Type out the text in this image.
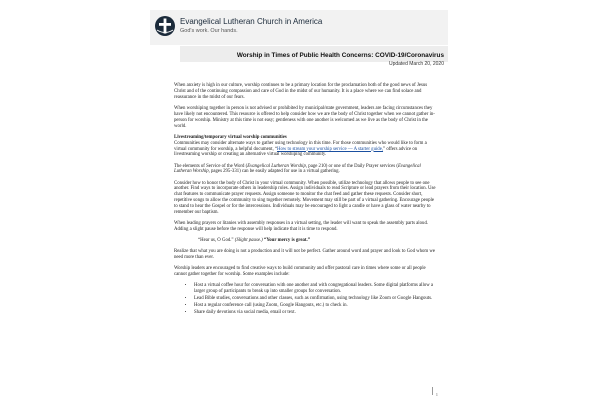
Evangelical Lutheran Church in America
God's work. Our hands.
Worship in Times of Public Health Concerns: COVID-19/Coronavirus
Updated March 20, 2020

When anxiety is high in our culture, worship continues to be a primary location for the proclamation both of the good news of Jesus Christ and of the continuing compassion and care of God in the midst of our humanity. It is a place where we can find solace and reassurance in the midst of our fears.

When worshiping together in person is not advised or prohibited by municipal/state government, leaders are facing circumstances they have likely not encountered. This resource is offered to help consider how we are the body of Christ together when we cannot gather in-person for worship. Ministry at this time is not easy; gentleness with one another is welcomed as we live as the body of Christ in the world.

Livestreaming/temporary virtual worship communities

Communities may consider alternate ways to gather using technology in this time. For those communities who would like to form a virtual community for worship, a helpful document, “How to stream your worship service — A starter guide,” offers advice on livestreaming worship or creating an alternative virtual worshiping community.

The elements of Service of the Word (Evangelical Lutheran Worship, page 210) or one of the Daily Prayer services (Evangelical Lutheran Worship, pages 295-331) can be easily adapted for use in a virtual gathering.

Consider how to honor the body of Christ in your virtual community. When possible, utilize technology that allows people to see one another. Find ways to incorporate others in leadership roles. Assign individuals to read Scripture or lead prayers from their location. Use chat features to communicate prayer requests. Assign someone to monitor the chat feed and gather these requests. Consider short, repetitive songs to allow the community to sing together remotely. Movement may still be part of a virtual gathering. Encourage people to stand to hear the Gospel or for the intercessions. Individuals may be encouraged to light a candle or have a glass of water nearby to remember our baptism.

When leading prayers or litanies with assembly responses in a virtual setting, the leader will want to speak the assembly parts aloud. Adding a slight pause before the response will help indicate that it is time to respond.

“Hear us, O God.” (Slight pause.) “Your mercy is great.”

Realize that what you are doing is not a production and it will not be perfect. Gather around word and prayer and look to God whom we need more than ever.

Worship leaders are encouraged to find creative ways to build community and offer pastoral care in times where some or all people cannot gather together for worship. Some examples include:

• Host a virtual coffee hour for conversation with one another and with congregational leaders. Some digital platforms allow a larger group of participants to break up into smaller groups for conversation.
• Lead Bible studies, conversations and other classes, such as confirmation, using technology like Zoom or Google Hangouts.
• Host a regular conference call (using Zoom, Google Hangouts, etc.) to check in.
• Share daily devotions via social media, email or text.
1
